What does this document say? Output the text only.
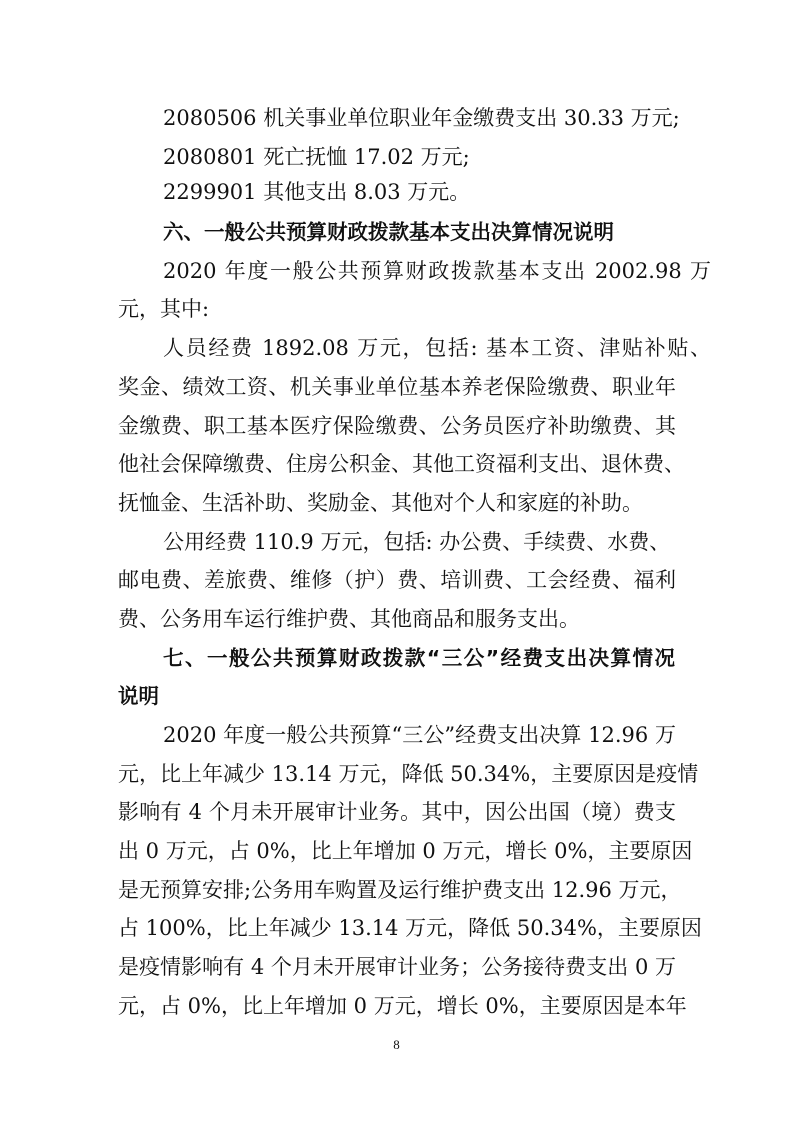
2080506 机关事业单位职业年金缴费支出 30.33 万元;
2080801 死亡抚恤 17.02 万元;
2299901 其他支出 8.03 万元。
六、一般公共预算财政拨款基本支出决算情况说明
2020 年度一般公共预算财政拨款基本支出 2002.98 万
元，其中:
人员经费 1892.08 万元，包括: 基本工资、津贴补贴、
奖金、绩效工资、机关事业单位基本养老保险缴费、职业年
金缴费、职工基本医疗保险缴费、公务员医疗补助缴费、其
他社会保障缴费、住房公积金、其他工资福利支出、退休费、
抚恤金、生活补助、奖励金、其他对个人和家庭的补助。
公用经费 110.9 万元，包括: 办公费、手续费、水费、
邮电费、差旅费、维修（护）费、培训费、工会经费、福利
费、公务用车运行维护费、其他商品和服务支出。
七、一般公共预算财政拨款“三公”经费支出决算情况
说明
2020 年度一般公共预算“三公”经费支出决算 12.96 万
元，比上年减少 13.14 万元，降低 50.34%，主要原因是疫情
影响有 4 个月未开展审计业务。其中，因公出国（境）费支
出 0 万元，占 0%，比上年增加 0 万元，增长 0%，主要原因
是无预算安排;公务用车购置及运行维护费支出 12.96 万元，
占 100%，比上年减少 13.14 万元，降低 50.34%，主要原因
是疫情影响有 4 个月未开展审计业务；公务接待费支出 0 万
元，占 0%，比上年增加 0 万元，增长 0%，主要原因是本年
8
